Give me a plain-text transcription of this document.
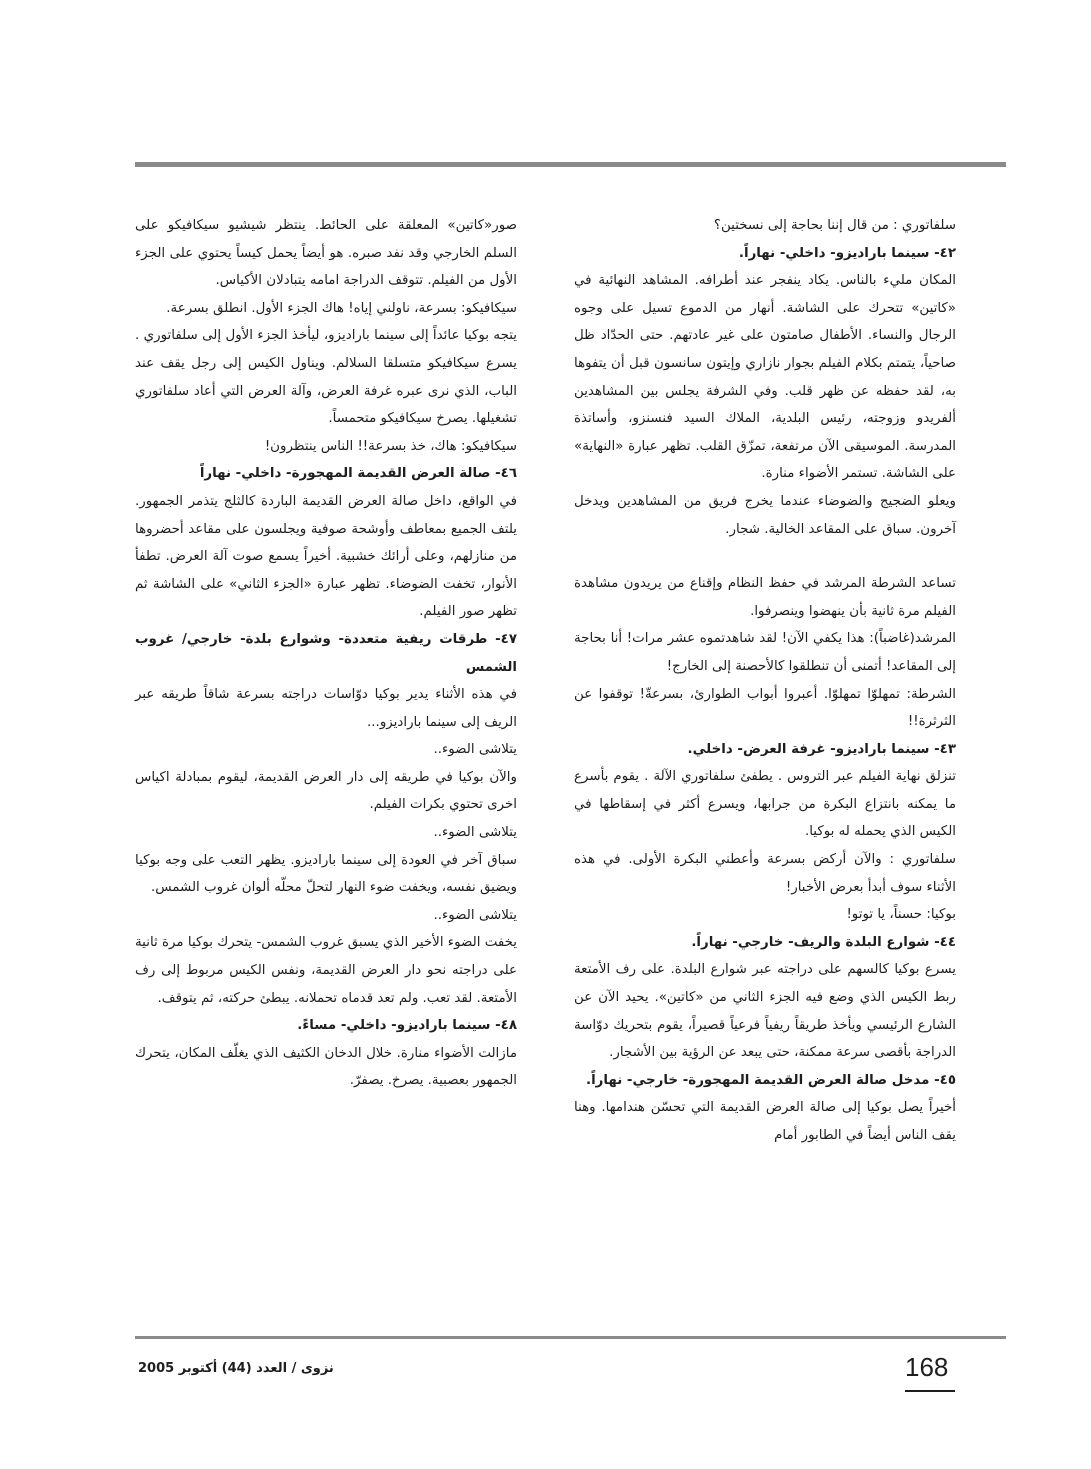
سلفاتوري : من قال إننا بحاجة إلى نسختين؟

٤٢- سينما باراديزو- داخلي- نهاراً.

المكان مليء بالناس. يكاد ينفجر عند أطرافه. المشاهد النهائية في «كاتين» تتحرك على الشاشة. أنهار من الدموع تسيل على وجوه الرجال والنساء. الأطفال صامتون على غير عادتهم. حتى الحدّاد ظل صاحياً، يتمتم بكلام الفيلم بجوار نازاري وإيتون سانسون قبل أن يتفوها به، لقد حفظه عن ظهر قلب. وفي الشرفة يجلس بين المشاهدين ألفريدو وزوجته، رئيس البلدية، الملاك السيد فنسنزو، وأساتذة المدرسة. الموسيقى الآن مرتفعة، تمزّق القلب. تظهر عبارة «النهاية» على الشاشة. تستمر الأضواء منارة.

ويعلو الضجيج والضوضاء عندما يخرج فريق من المشاهدين ويدخل آخرون. سباق على المقاعد الخالية. شجار.

تساعد الشرطة المرشد في حفظ النظام وإقناع من يريدون مشاهدة الفيلم مرة ثانية بأن ينهضوا وينصرفوا.

المرشد(غاضباً): هذا يكفي الآن! لقد شاهدتموه عشر مرات! أنا بحاجة إلى المقاعد! أتمنى أن تنطلقوا كالأحصنة إلى الخارج!

الشرطة: تمهلوّا تمهلوّا. أعبروا أبواب الطوارئ، بسرعةّ! توقفوا عن الثرثرة!!

٤٣- سينما باراديزو- غرفة العرض- داخلي.

تنزلق نهاية الفيلم عبر التروس . يطفئ سلفاتوري الآلة . يقوم بأسرع ما يمكنه بانتزاع البكرة من جرابها، ويسرع أكثر في إسقاطها في الكيس الذي يحمله له بوكيا.

سلفاتوري : والآن أركض بسرعة وأعطني البكرة الأولى. في هذه الأثناء سوف أبدأ بعرض الأخبار!

بوكيا: حسناً، يا توتو!

٤٤- شوارع البلدة والريف- خارجي- نهاراً.

يسرع بوكيا كالسهم على دراجته عبر شوارع البلدة. على رف الأمتعة ربط الكيس الذي وضع فيه الجزء الثاني من «كاتين». يحيد الآن عن الشارع الرئيسي ويأخذ طريقاً ريفياً فرعياً قصيراً، يقوم بتحريك دوّاسة الدراجة بأقصى سرعة ممكنة، حتى يبعد عن الرؤية بين الأشجار.

٤٥- مدخل صالة العرض القديمة المهجورة- خارجي- نهاراً.

أخيراً يصل بوكيا إلى صالة العرض القديمة التي تحسّن هندامها. وهنا يقف الناس أيضاً في الطابور أمام

صور«كاتين» المعلقة على الحائط. ينتظر شيشيو سيكافيكو على السلم الخارجي وقد نفد صبره. هو أيضاً يحمل كيساً يحتوي على الجزء الأول من الفيلم. تتوقف الدراجة امامه يتبادلان الأكياس.

سيكافيكو: بسرعة، ناولني إياه! هاك الجزء الأول. انطلق بسرعة.

يتجه بوكيا عائداً إلى سينما باراديزو، ليأخذ الجزء الأول إلى سلفاتوري . يسرع سيكافيكو متسلقا السلالم. ويناول الكيس إلى رجل يقف عند الباب، الذي نرى عبره غرفة العرض، وآلة العرض التي أعاد سلفاتوري تشغيلها. يصرخ سيكافيكو متحمساً.

سيكافيكو: هاك، خذ بسرعة!! الناس ينتظرون!

٤٦- صالة العرض القديمة المهجورة- داخلي- نهاراً

في الواقع، داخل صالة العرض القديمة الباردة كالثلج يتذمر الجمهور. يلتف الجميع بمعاطف وأوشحة صوفية ويجلسون على مقاعد أحضروها من منازلهم، وعلى أرائك خشبية. أخيراً يسمع صوت آلة العرض. تطفأ الأنوار، تخفت الضوضاء. تظهر عبارة «الجزء الثاني» على الشاشة ثم تظهر صور الفيلم.

٤٧- طرقات ريفية متعددة- وشوارع بلدة- خارجي/ غروب الشمس

في هذه الأثناء يدير بوكيا دوّاسات دراجته بسرعة شاقاً طريقه عبر الريف إلى سينما باراديزو...

يتلاشى الضوء..

والآن بوكيا في طريقه إلى دار العرض القديمة، ليقوم بمبادلة اكياس اخرى تحتوي بكرات الفيلم.

يتلاشى الضوء..

سباق آخر في العودة إلى سينما باراديزو. يظهر التعب على وجه بوكيا ويضيق نفسه، ويخفت ضوء النهار لتحلّ محلّه ألوان غروب الشمس.

يتلاشى الضوء..

يخفت الضوء الأخير الذي يسبق غروب الشمس- يتحرك بوكيا مرة ثانية على دراجته نحو دار العرض القديمة، ونفس الكيس مربوط إلى رف الأمتعة. لقد تعب. ولم تعد قدماه تحملانه. يبطئ حركته، ثم يتوقف.

٤٨- سينما باراديزو- داخلي- مساءً.

مازالت الأضواء منارة. خلال الدخان الكثيف الذي يغلّف المكان، يتحرك الجمهور بعصبية. يصرخ. يصفرّ.

168
نزوى / العدد (44) أكتوبر 2005
